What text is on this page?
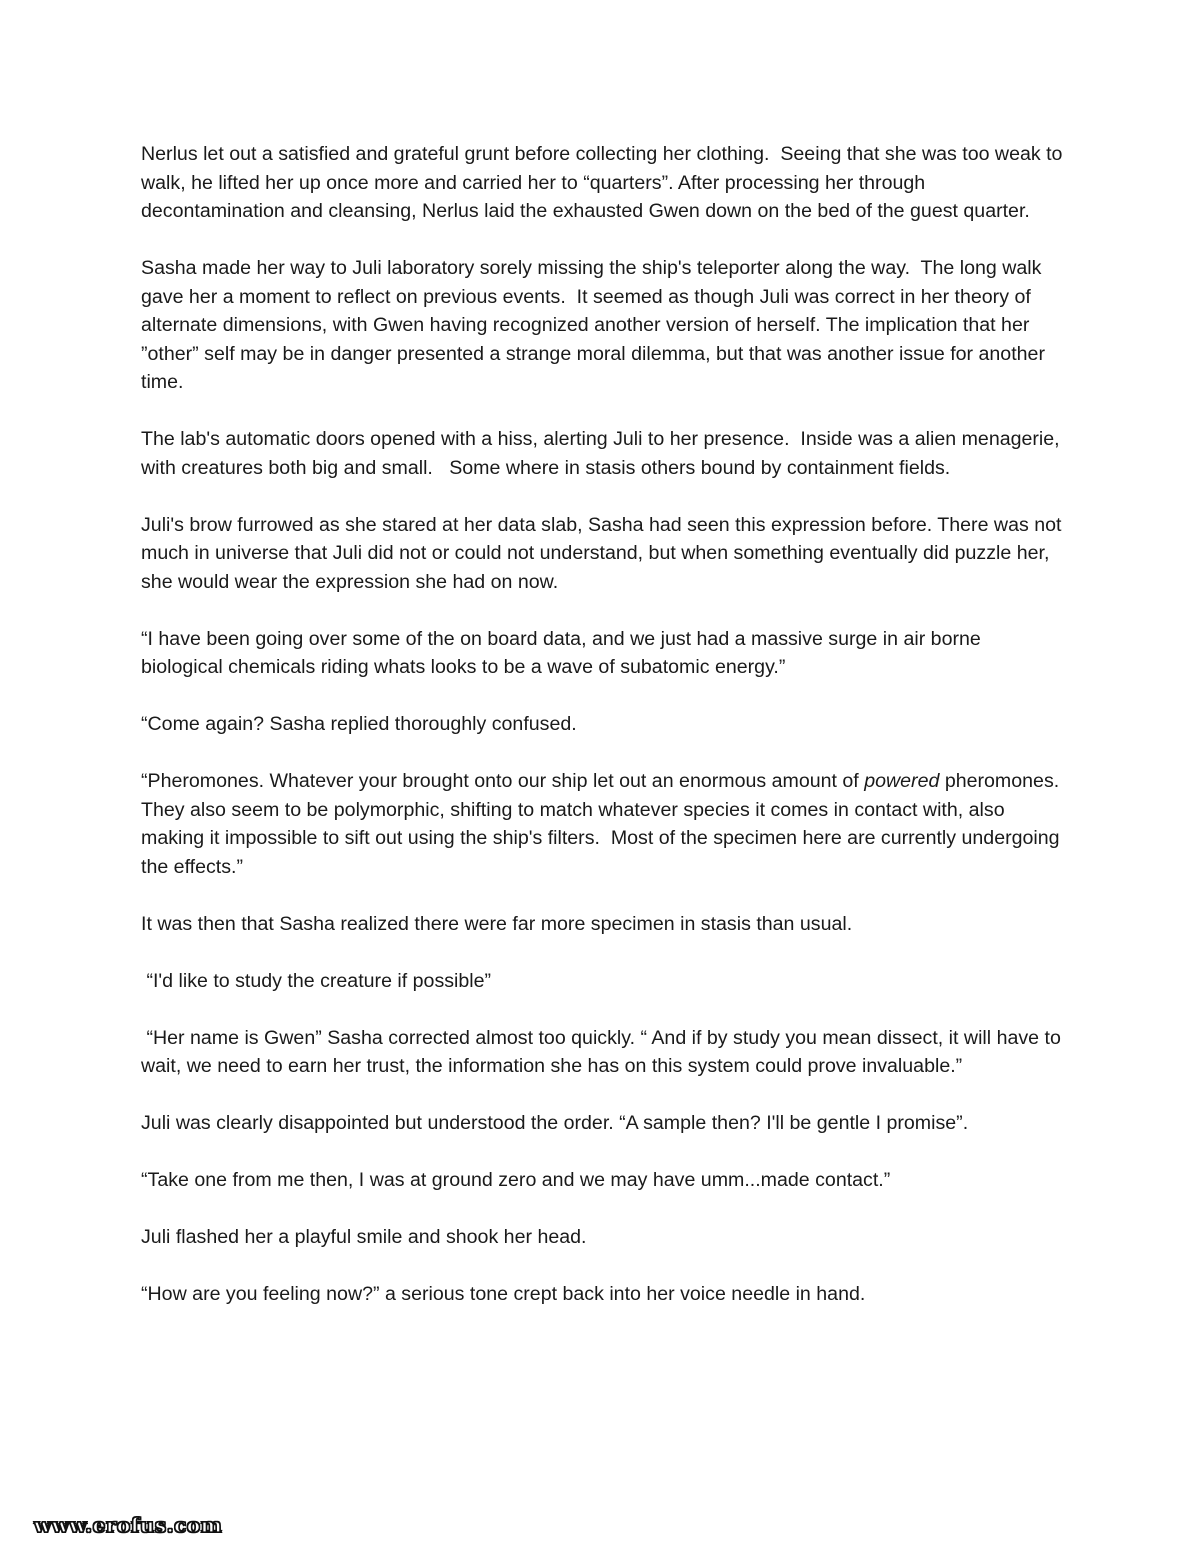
Nerlus let out a satisfied and grateful grunt before collecting her clothing.  Seeing that she was too weak to walk, he lifted her up once more and carried her to “quarters”. After processing her through decontamination and cleansing, Nerlus laid the exhausted Gwen down on the bed of the guest quarter.

Sasha made her way to Juli laboratory sorely missing the ship's teleporter along the way.  The long walk gave her a moment to reflect on previous events.  It seemed as though Juli was correct in her theory of alternate dimensions, with Gwen having recognized another version of herself. The implication that her ”other” self may be in danger presented a strange moral dilemma, but that was another issue for another time.

The lab's automatic doors opened with a hiss, alerting Juli to her presence.  Inside was a alien menagerie, with creatures both big and small.   Some where in stasis others bound by containment fields.

Juli's brow furrowed as she stared at her data slab, Sasha had seen this expression before. There was not much in universe that Juli did not or could not understand, but when something eventually did puzzle her, she would wear the expression she had on now.

“I have been going over some of the on board data, and we just had a massive surge in air borne biological chemicals riding whats looks to be a wave of subatomic energy.”

“Come again? Sasha replied thoroughly confused.

“Pheromones. Whatever your brought onto our ship let out an enormous amount of powered pheromones.  They also seem to be polymorphic, shifting to match whatever species it comes in contact with, also making it impossible to sift out using the ship's filters.  Most of the specimen here are currently undergoing the effects.”

It was then that Sasha realized there were far more specimen in stasis than usual.

“I'd like to study the creature if possible”

“Her name is Gwen” Sasha corrected almost too quickly. “ And if by study you mean dissect, it will have to wait, we need to earn her trust, the information she has on this system could prove invaluable.”

Juli was clearly disappointed but understood the order. “A sample then? I'll be gentle I promise”.

“Take one from me then, I was at ground zero and we may have umm...made contact.”

Juli flashed her a playful smile and shook her head.

“How are you feeling now?” a serious tone crept back into her voice needle in hand.

www.erofus.com
